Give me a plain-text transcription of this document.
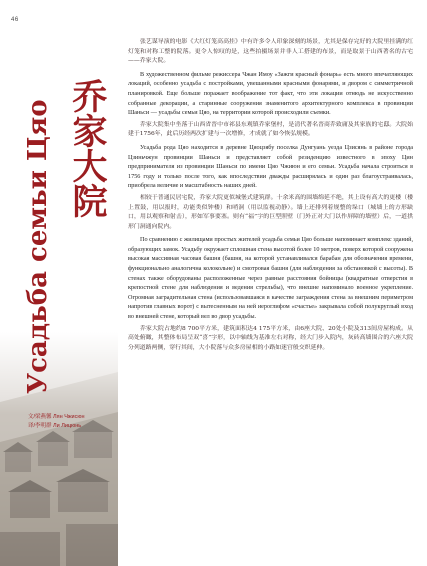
46
乔家大院
Усадьба семьи Цяо
文/梁燕馨 Лян Чжисюн
译/李明群 Ли Лицюнь

张艺谋导演的电影《大红灯笼高高挂》中有许多令人印象深刻的场景，尤其是保存完好的大院里挂满的红灯笼和对称工整的院落。更令人惊叹的是，这些拍摄场景并非人工搭建的布景，而是取景于山西著名的古宅——乔家大院。

В художественном фильме режиссера Чжан Имоу «Зажги красный фонарь» есть много впечатляющих локаций, особенно усадьба с постройками, увешанными красными фонарями, и двором с симметричной планировкой. Еще больше поражает воображение тот факт, что эти локации отнюдь не искусственно собранные декорации, а старинные сооружения знаменитого архитектурного комплекса в провинции Шаньси — усадьбы семьи Цяо, на территории которой происходили съемки.

乔家大院集中坐落于山西省晋中市祁县东观镇乔家堡村，是清代著名晋商乔致庸及其家族的宅邸。大院始建于1756年，此后历经两次扩建与一次增修，才成就了如今恢弘规模。

Усадьба рода Цяо находится в деревне Цяоцзябу поселка Дунгуань уезда Цзисянь в районе города Цзиньчжун провинции Шаньси и представляет собой резиденцию известного в эпоху Цин предпринимателя из провинции Шаньси по имени Цяо Чжиюн и его семьи. Усадьба начала строиться в 1756 году и только после того, как впоследствии дважды расширялась и один раз благоустраивалась, приобрела величие и масштабность наших дней.

相较于普通民居宅院，乔家大院更似城堡式建筑群。十余米高的围墙绵延不绝，其上设有高大的更楼（楼上置鼓，用以报时，功能类似钟楼）和哨洞（用以监视动静）。墙上还排列着规整的垛口（城墙上的方形缺口，用以观察和射击），形如军事要塞。则有“福”字的巨型照壁（门外正对大门以作屏障的墙壁）后，一道拱形门洞通向院内。

По сравнению с жилищами простых жителей усадьба семьи Цяо больше напоминает комплекс зданий, образующих замок. Усадьбу окружает сплошная стена высотой более 10 метров, поверх которой сооружена высокая массивная часовая башня (башня, на которой устанавливался барабан для обозначения времени, функционально аналогична колокольне) и смотровая башня (для наблюдения за обстановкой с высоты). В стенах также оборудованы расположенные через равные расстояния бойницы (квадратные отверстия в крепостной стене для наблюдения и ведения стрельбы), что внешне напоминало военное укрепление. Огромная заградительная стена (использовавшаяся в качестве заграждения стена за внешним периметром напротив главных ворот) с вытесненным на ней иероглифом «счастье» закрывала собой полукруглый вход во внешней стене, который вел во двор усадьбы.

乔家大院占地约8 700平方米，建筑面积达4 175平方米，由6座大院、20处小院及313间房屋构成。从高处俯瞰，其整体布局呈双“喜”字形，以中轴线为基准左右对称，经大门步入院内，灰砖高墙围合的六座大院分列道路两侧，穿行其间，大小院落与众多房屋相的小路如迷宫般交织延伸。
